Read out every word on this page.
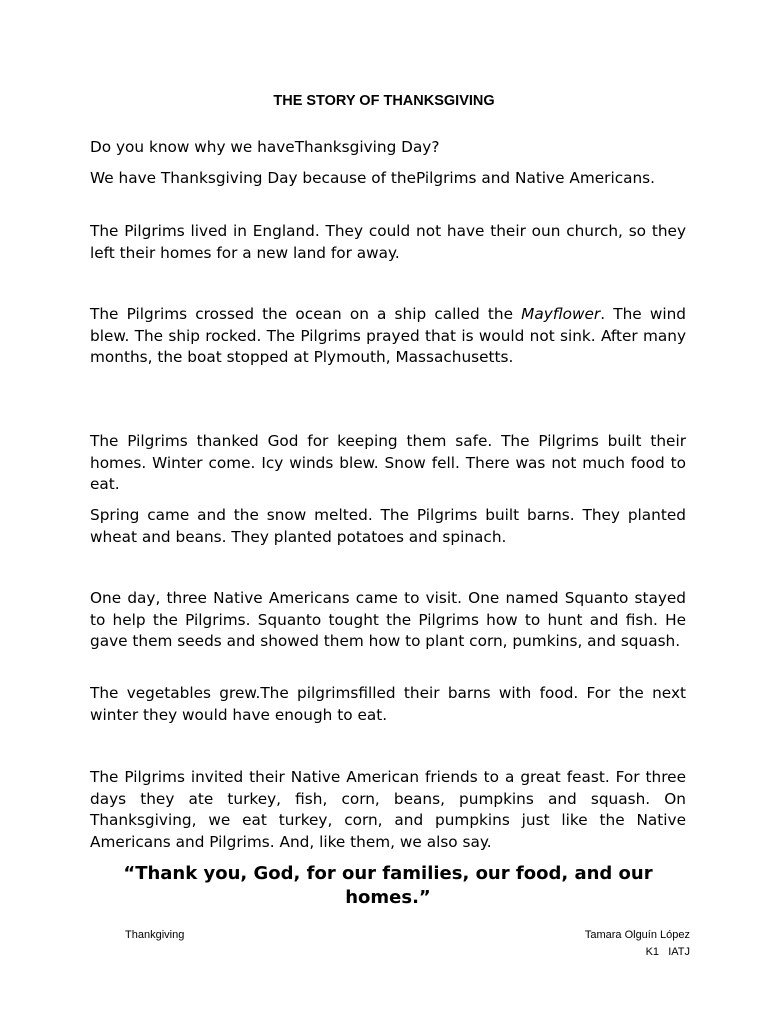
THE STORY OF THANKSGIVING
Do you know why we haveThanksgiving Day?
We have Thanksgiving Day because of thePilgrims and Native Americans.
The Pilgrims lived in England. They could not have their oun church, so they left their homes for a new land for away.
The Pilgrims crossed the ocean on a ship called the Mayflower. The wind blew. The ship rocked. The Pilgrims prayed that is would not sink. After many months, the boat stopped at Plymouth, Massachusetts.
The Pilgrims thanked God for keeping them safe. The Pilgrims built their homes. Winter come. Icy winds blew. Snow fell. There was not much food to eat.
Spring came and the snow melted. The Pilgrims built barns. They planted wheat and beans. They planted potatoes and spinach.
One day, three Native Americans came to visit. One named Squanto stayed to help the Pilgrims. Squanto tought the Pilgrims how to hunt and fish. He gave them seeds and showed them how to plant corn, pumkins, and squash.
The vegetables grew.The pilgrimsfilled their barns with food. For the next winter they would have enough to eat.
The Pilgrims invited their Native American friends to a great feast. For three days they ate turkey, fish, corn, beans, pumpkins and squash. On Thanksgiving, we eat turkey, corn, and pumpkins just like the Native Americans and Pilgrims. And, like them, we also say.
“Thank you, God, for our families, our food, and our homes.”
Thankgiving	Tamara Olguín López
K1   IATJ
